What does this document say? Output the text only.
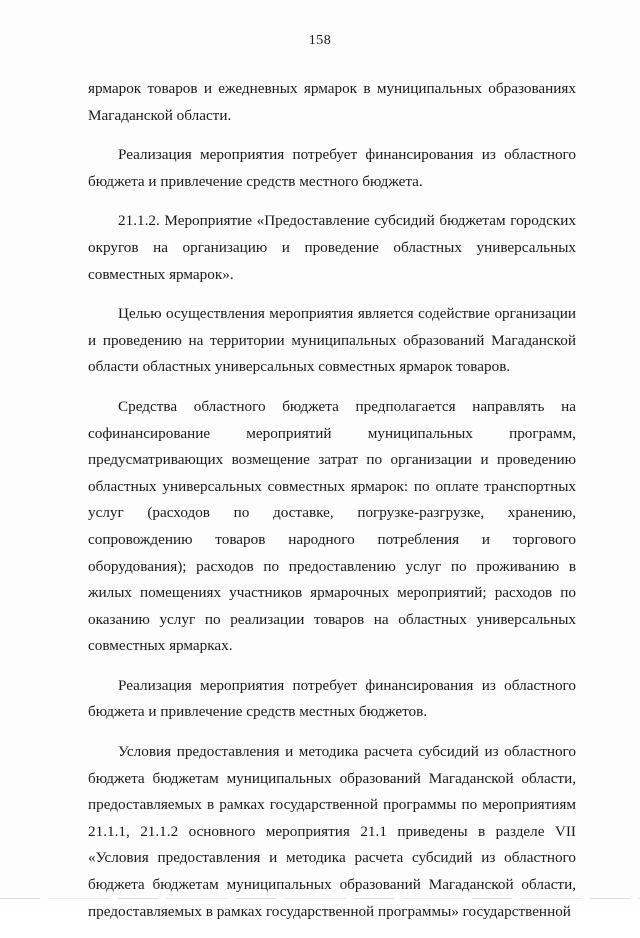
158

ярмарок товаров и ежедневных ярмарок в муниципальных образованиях Магаданской области.

Реализация мероприятия потребует финансирования из областного бюджета и привлечение средств местного бюджета.

21.1.2. Мероприятие «Предоставление субсидий бюджетам городских округов на организацию и проведение областных универсальных совместных ярмарок».

Целью осуществления мероприятия является содействие организации и проведению на территории муниципальных образований Магаданской области областных универсальных совместных ярмарок товаров.

Средства областного бюджета предполагается направлять на софинансирование мероприятий муниципальных программ, предусматривающих возмещение затрат по организации и проведению областных универсальных совместных ярмарок: по оплате транспортных услуг (расходов по доставке, погрузке-разгрузке, хранению, сопровождению товаров народного потребления и торгового оборудования); расходов по предоставлению услуг по проживанию в жилых помещениях участников ярмарочных мероприятий; расходов по оказанию услуг по реализации товаров на областных универсальных совместных ярмарках.

Реализация мероприятия потребует финансирования из областного бюджета и привлечение средств местных бюджетов.

Условия предоставления и методика расчета субсидий из областного бюджета бюджетам муниципальных образований Магаданской области, предоставляемых в рамках государственной программы по мероприятиям 21.1.1, 21.1.2 основного мероприятия 21.1 приведены в разделе VII «Условия предоставления и методика расчета субсидий из областного бюджета бюджетам муниципальных образований Магаданской области, предоставляемых в рамках государственной программы» государственной
